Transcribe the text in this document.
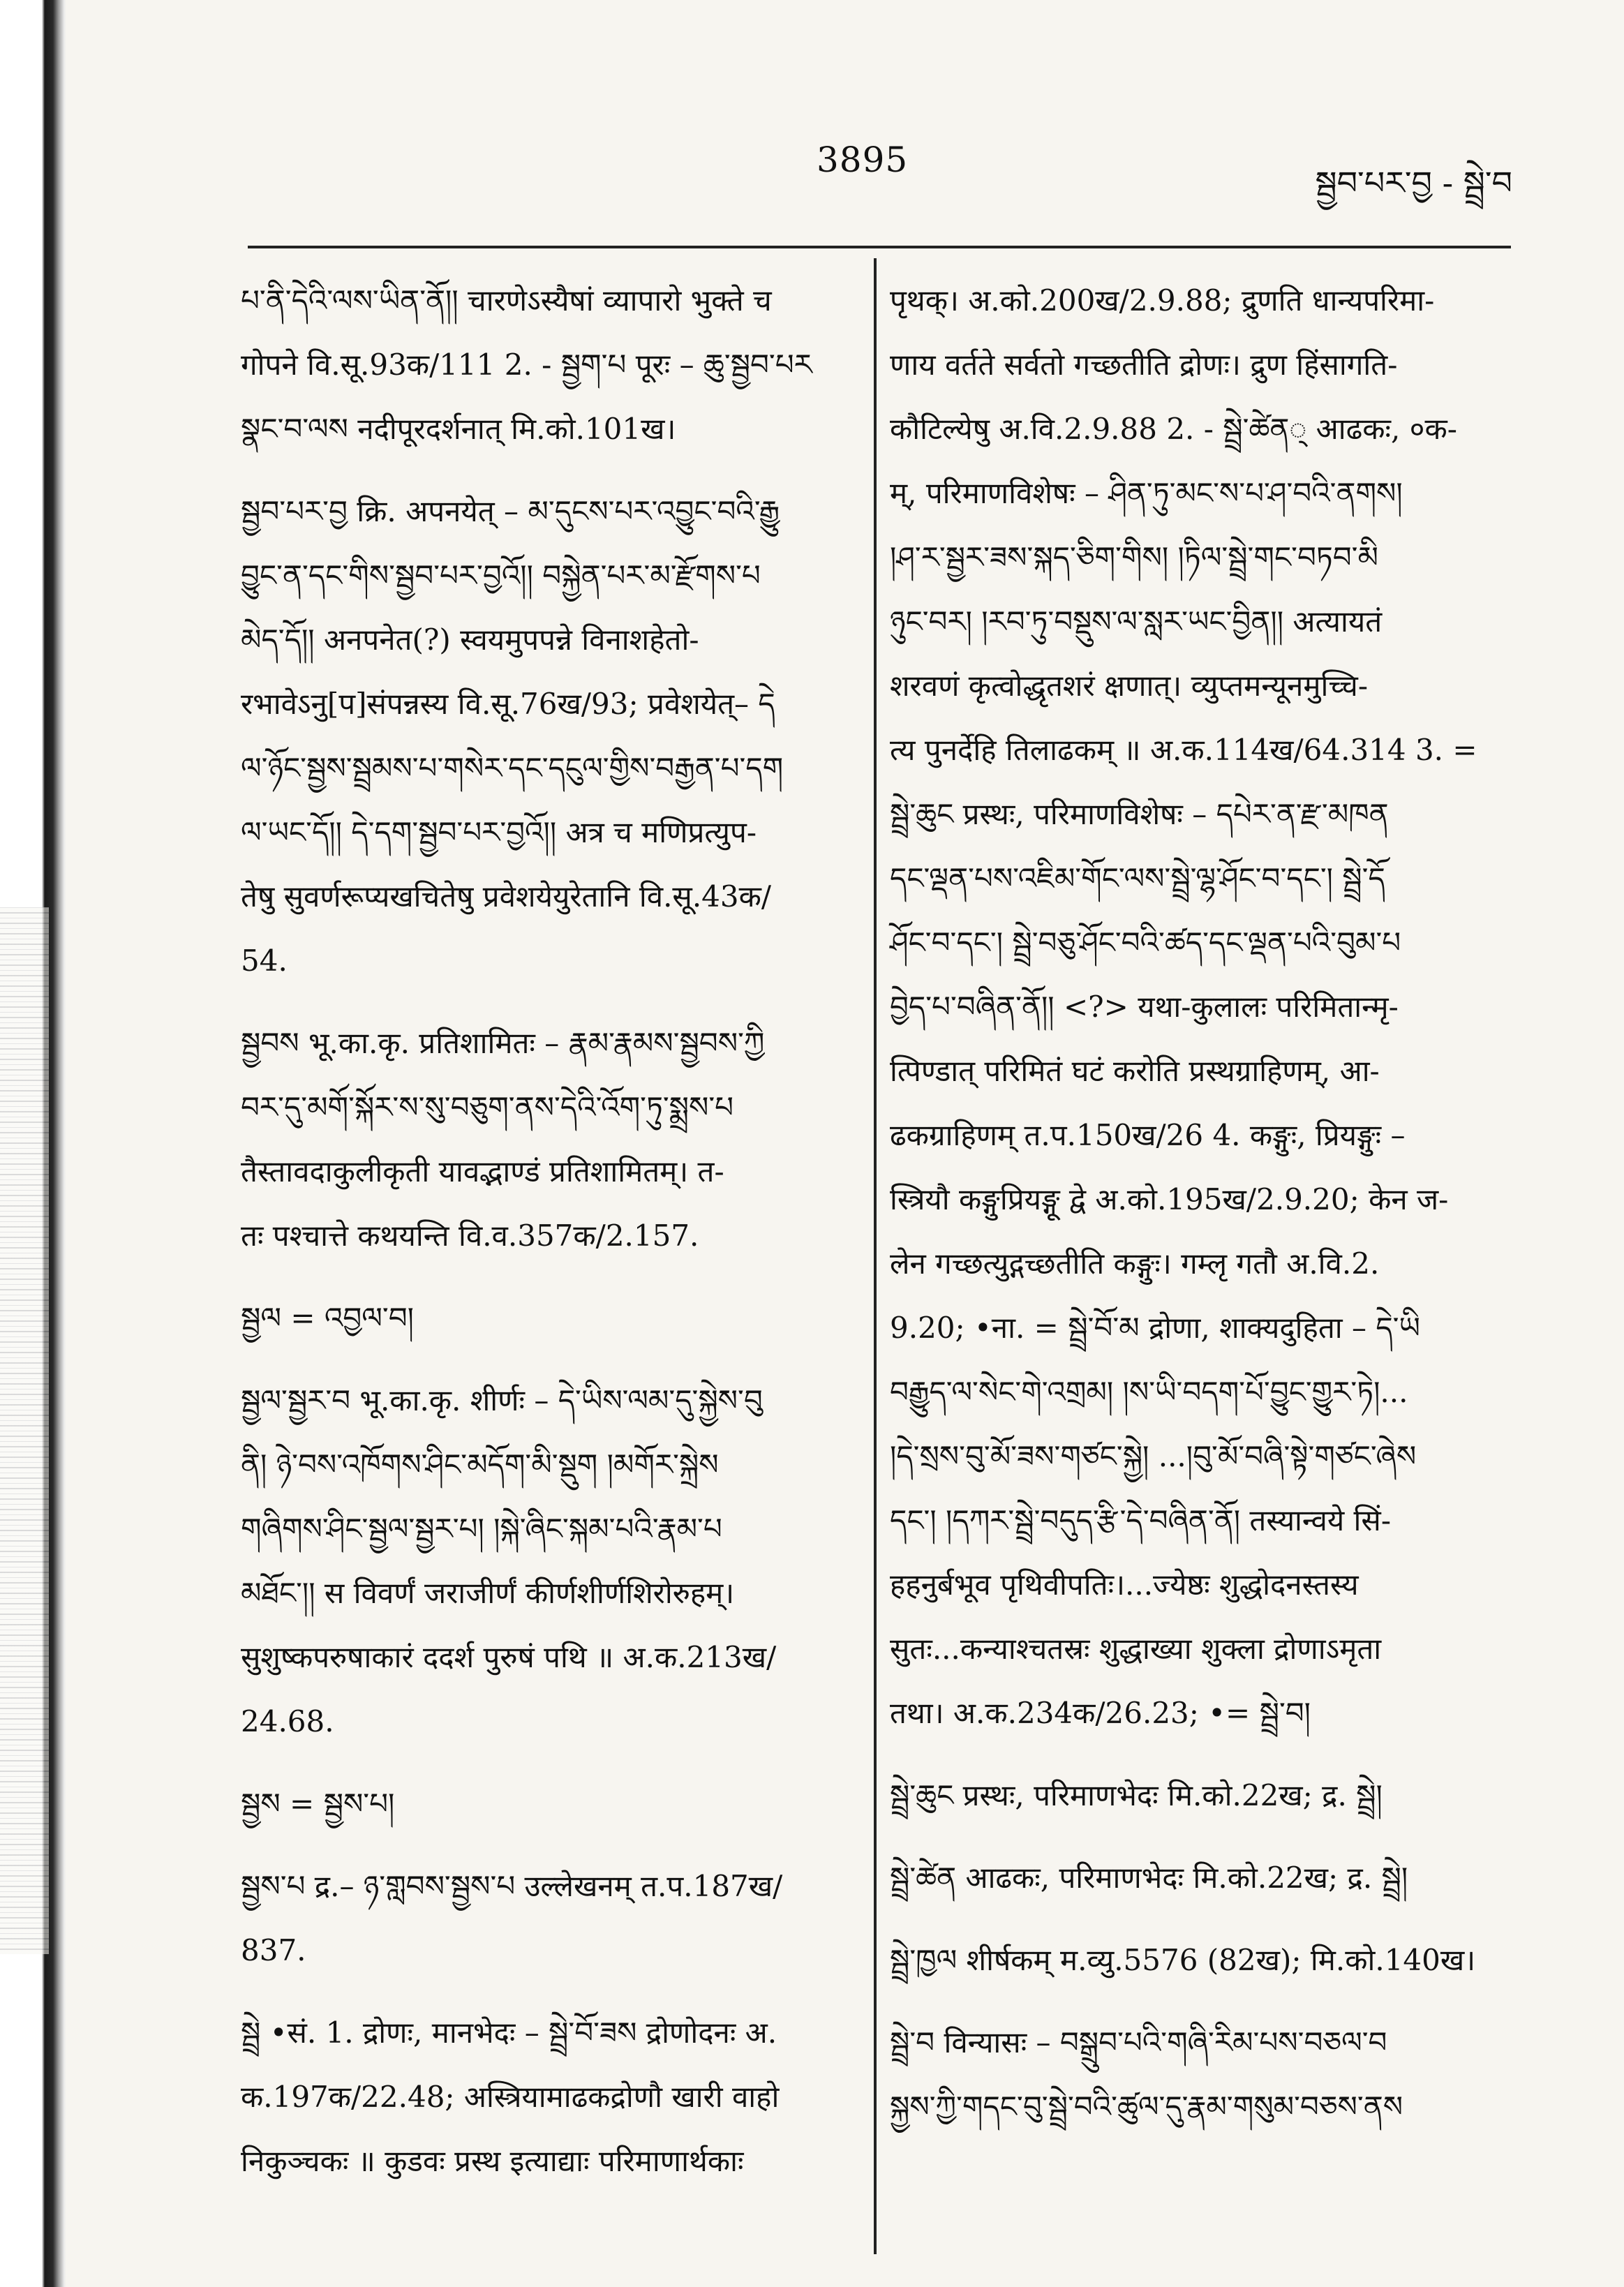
3895
སྦྱབ་པར་བྱ - སྦྲེ་བ
པ་ནི་དེའི་ལས་ཡིན་ནོ།། चारणेऽस्यैषां व्यापारो भुक्ते च
गोपने वि.सू.93क/111 2. - སྦྱག་པ पूरः – ཆུ་སྦྱབ་པར
སྣང་བ་ལས नदीपूरदर्शनात् मि.को.101ख।
སྦྱབ་པར་བྱ क्रि. अपनयेत् – མ་དུངས་པར་འབྱུང་བའི་རྒྱུ
བྱུང་ན་དང་གིས་སྦྱབ་པར་བྱའོ།། བསྐྱེན་པར་མ་རྫོགས་པ
མེད་དོ།། अनपनेत(?) स्वयमुपपन्ने विनाशहेतो-
रभावेऽनु[प]संपन्नस्य वि.सू.76ख/93; प्रवेशयेत्– དེ
ལ་ཉོང་སྦྱས་སྦྲམས་པ་གསེར་དང་དངུལ་གྱིས་བརྒྱན་པ་དག
ལ་ཡང་དོ།། དེ་དག་སྦྱབ་པར་བྱའོ།། अत्र च मणिप्रत्युप-
तेषु सुवर्णरूप्यखचितेषु प्रवेशयेयुरेतानि वि.सू.43क/
54.
སྦྱབས भू.का.कृ. प्रतिशामितः – རྣམ་རྣམས་སྦྱབས་ཀྱི
བར་དུ་མགོ་སྐོར་ས་སུ་བཅུག་ནས་དེའི་འོག་ཏུ་སྨྲས་པ
तैस्तावदाकुलीकृती यावद्भाण्डं प्रतिशामितम्। त-
तः पश्चात्ते कथयन्ति वि.व.357क/2.157.
སྦྱལ = འབྱལ་བ།
སྦྱལ་སྦྱར་བ भू.का.कृ. शीर्णः – དེ་ཡིས་ལམ་དུ་སྐྱེས་བུ
ནི། ཉེ་བས་འཁོགས་ཤིང་མདོག་མི་སྡུག །མགོར་སྐྲེས
གཞིགས་ཤིང་སྦྱལ་སྦྱར་པ། །སྐེ་ཞིང་སྐམ་པའི་རྣམ་པ
མཐོང་།། स विवर्णं जराजीर्णं कीर्णशीर्णशिरोरुहम्।
सुशुष्कपरुषाकारं ददर्श पुरुषं पथि ॥ अ.क.213ख/
24.68.
སྦྱས = སྦྱས་པ།
སྦྱས་པ द्र.– ཉ་གླབས་སྦྱས་པ उल्लेखनम् त.प.187ख/
837.
སྦྲེ •सं. 1. द्रोणः, मानभेदः – སྦྲེ་བོ་ཟས द्रोणोदनः अ.
क.197क/22.48; अस्त्रियामाढकद्रोणौ खारी वाहो
निकुञ्चकः ॥ कुडवः प्रस्थ इत्याद्याः परिमाणार्थकाः
पृथक्। अ.को.200ख/2.9.88; द्रुणति धान्यपरिमा-
णाय वर्तते सर्वतो गच्छतीति द्रोणः। द्रुण हिंसागति-
कौटिल्येषु अ.वि.2.9.88 2. - སྦྲེ་ཚེན् आढकः, ०क-
म्, परिमाणविशेषः – ཤིན་ཏུ་མང་ས་པ་ཤ་བའི་ནགས།
།ཤ་ར་སྦྱར་ཟས་སྐད་ཅིག་གིས། །ཏིལ་སྦྲེ་གང་བཏབ་མི
ཉུང་བར། །རབ་ཏུ་བསྡུས་ལ་སླར་ཡང་བྱིན།། अत्यायतं
शरवणं कृत्वोद्धृतशरं क्षणात्। व्युप्तमन्यूनमुच्चि-
त्य पुनर्देहि तिलाढकम् ॥ अ.क.114ख/64.314 3. =
སྦྲེ་ཆུང प्रस्थः, परिमाणविशेषः – དཔེར་ན་རྫ་མཁན
དང་ལྡན་པས་འཇིམ་གོང་ལས་སྦྲེ་ལྷ་ཤོང་བ་དང་། སྦྲེ་དོ
ཤོང་བ་དང་། སྦྲེ་བཅུ་ཤོང་བའི་ཚད་དང་ལྡན་པའི་བུམ་པ
བྱེད་པ་བཞིན་ནོ།། <?> यथा-कुलालः परिमितान्मृ-
त्पिण्डात् परिमितं घटं करोति प्रस्थग्राहिणम्, आ-
ढकग्राहिणम् त.प.150ख/26 4. कङ्गुः, प्रियङ्गुः –
स्त्रियौ कङ्गुप्रियङ्गू द्वे अ.को.195ख/2.9.20; केन ज-
लेन गच्छत्युद्गच्छतीति कङ्गुः। गम्लृ गतौ अ.वि.2.
9.20; •ना. = སྦྲེ་བོ་མ द्रोणा, शाक्यदुहिता – དེ་ཡི
བརྒྱུད་ལ་སེང་གེ་འགྲམ། །ས་ཡི་བདག་པོ་བྱུང་གྱུར་ཏེ།...
།དེ་སྲས་བུ་མོ་ཟས་གཙང་སྐྱེ། ...།བུ་མོ་བཞི་སྟེ་གཙང་ཞེས
དང་། །དཀར་སྦྲེ་བདུད་རྩི་དེ་བཞིན་ནོ། तस्यान्वये सिं-
हहनुर्बभूव पृथिवीपतिः।...ज्येष्ठः शुद्धोदनस्तस्य
सुतः...कन्याश्चतस्रः शुद्धाख्या शुक्ला द्रोणाऽमृता
तथा। अ.क.234क/26.23; •= སྦྲེ་བ།
སྦྲེ་ཆུང प्रस्थः, परिमाणभेदः मि.को.22ख; द्र. སྦྲེ།
སྦྲེ་ཚེན आढकः, परिमाणभेदः मि.को.22ख; द्र. སྦྲེ།
སྦྲེ་ཁྱལ शीर्षकम् म.व्यु.5576 (82ख); मि.को.140ख।
སྦྲེ་བ विन्यासः – བསྒྲུབ་པའི་གཞི་རིམ་པས་བཅལ་བ
སྐྱས་ཀྱི་གདང་བུ་སྦྲེ་བའི་ཚུལ་དུ་རྣམ་གསུམ་བཅས་ནས
